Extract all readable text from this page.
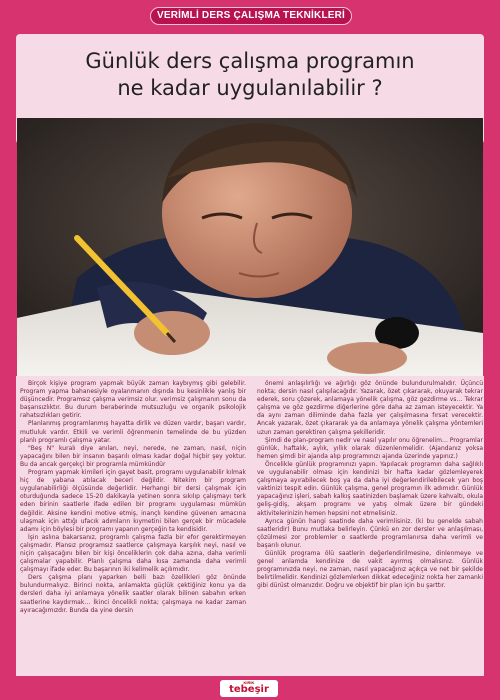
VERİMLİ DERS ÇALIŞMA TEKNİKLERİ
Günlük ders çalışma programın
ne kadar uygulanılabilir ?

Birçok kişiye program yapmak büyük zaman kaybıymış gibi gelebilir. Program yapma bahanesiyle oyalanmanın dışında bu kesinlikle yanlış bir düşüncedir. Programsız çalışma verimsiz olur. verimsiz çalışmanın sonu da başarısızlıktır. Bu durum beraberinde mutsuzluğu ve organik psikolojik rahatsızlıkları getirir.

Planlanmış programlanmış hayatta dirlik ve düzen vardır, başarı vardır, mutluluk vardır. Etkili ve verimli öğrenmenin temelinde de bu yüzden planlı programlı çalışma yatar.

"Beş N" kuralı diye anılan, neyi, nerede, ne zaman, nasıl, niçin yapacağını bilen bir insanın başarılı olması kadar doğal hiçbir şey yoktur. Bu da ancak gerçekçi bir programla mümkündür

Program yapmak kimileri için gayet basit, programı uygulanabilir kılmak hiç de yabana atılacak beceri değildir. Nitekim bir program uygulanabilirliği ölçüsünde değerlidir. Herhangi bir dersi çalışmak için oturduğunda sadece 15-20 dakikayla yetinen sonra sıkılıp çalışmayı terk eden birinin saatlerle ifade edilen bir programı uygulaması mümkün değildir. Aksine kendini motive etmiş, inançlı kendine güvenen amacına ulaşmak için attığı ufacık adımların kıymetini bilen gerçek bir mücadele adamı için böylesi bir programı yapanın gerçeğin ta kendisidir.

İşin aslına bakarsanız, programlı çalışma fazla bir efor gerektirmeyen çalışmadır. Plansız programsız saatlerce çalışmaya karşılık neyi, nasıl ve niçin çalışacağını bilen bir kişi önceliklerin çok daha azına, daha verimli çalışmalar yapabilir. Planlı çalışma daha kısa zamanda daha verimli çalışmayı ifade eder. Bu başarının iki kelimelik açılımıdır.

Ders çalışma planı yaparken belli bazı özellikleri göz önünde bulundurmalıyız. Birinci nokta, anlamakta güçlük çektiğiniz konu ya da dersleri daha iyi anlamaya yönelik saatler olarak bilinen sabahın erken saatlerine kaydırmak… İkinci öncelikli nokta; çalışmaya ne kadar zaman ayıracağımızdır. Bunda da yine dersin

önemi anlaşılırlığı ve ağırlığı göz önünde bulundurulmalıdır. Üçüncü nokta; dersin nasıl çalışılacağıdır. Yazarak, özet çıkararak, okuyarak tekrar ederek, soru çözerek, anlamaya yönelik çalışma, göz gezdirme vs… Tekrar çalışma ve göz gezdirme diğerlerine göre daha az zaman isteyecektir. Ya da aynı zaman diliminde daha fazla yer çalışılmasına fırsat verecektir. Ancak yazarak, özet çıkararak ya da anlamaya yönelik çalışma yöntemleri uzun zaman gerektiren çalışma şekilleridir.

Şimdi de plan-program nedir ve nasıl yapılır onu öğrenelim… Programlar günlük, haftalık, aylık, yıllık olarak düzenlenmelidir. (Ajandanız yoksa hemen şimdi bir ajanda alıp programınızı ajanda üzerinde yapınız.)

Öncelikle günlük programınızı yapın. Yapılacak programın daha sağlıklı ve uygulanabilir olması için kendinizi bir hafta kadar gözlemleyerek çalışmaya ayırabilecek boş ya da daha iyi değerlendirilebilecek yarı boş vaktinizi tespit edin. Günlük çalışma, genel programın ilk adımıdır. Günlük yapacağınız işleri, sabah kalkış saatinizden başlamak üzere kahvaltı, okula geliş-gidiş, akşam programı ve yatış olmak üzere bir gündeki aktivitelerinizin hemen hepsini not etmelisiniz.

Ayrıca günün hangi saatinde daha verimlisiniz. (ki bu genelde sabah saatleridir) Bunu mutlaka belirleyin. Çünkü en zor dersler ve anlaşılması, çözülmesi zor problemler o saatlerde programlanırsa daha verimli ve başarılı olunur.

Günlük programa ölü saatlerin değerlendirilmesine, dinlenmeye ve genel anlamda kendinize de vakit ayırmış olmalısınız. Günlük programınızda neyi, ne zaman, nasıl yapacağınız açıkça ve net bir şekilde belirtilmelidir. Kendinizi gözlemlerken dikkat edeceğiniz nokta her zamanki gibi dürüst olmanızdır. Doğru ve objektif bir plan için bu şarttır.

KIRIK
tebeşir
